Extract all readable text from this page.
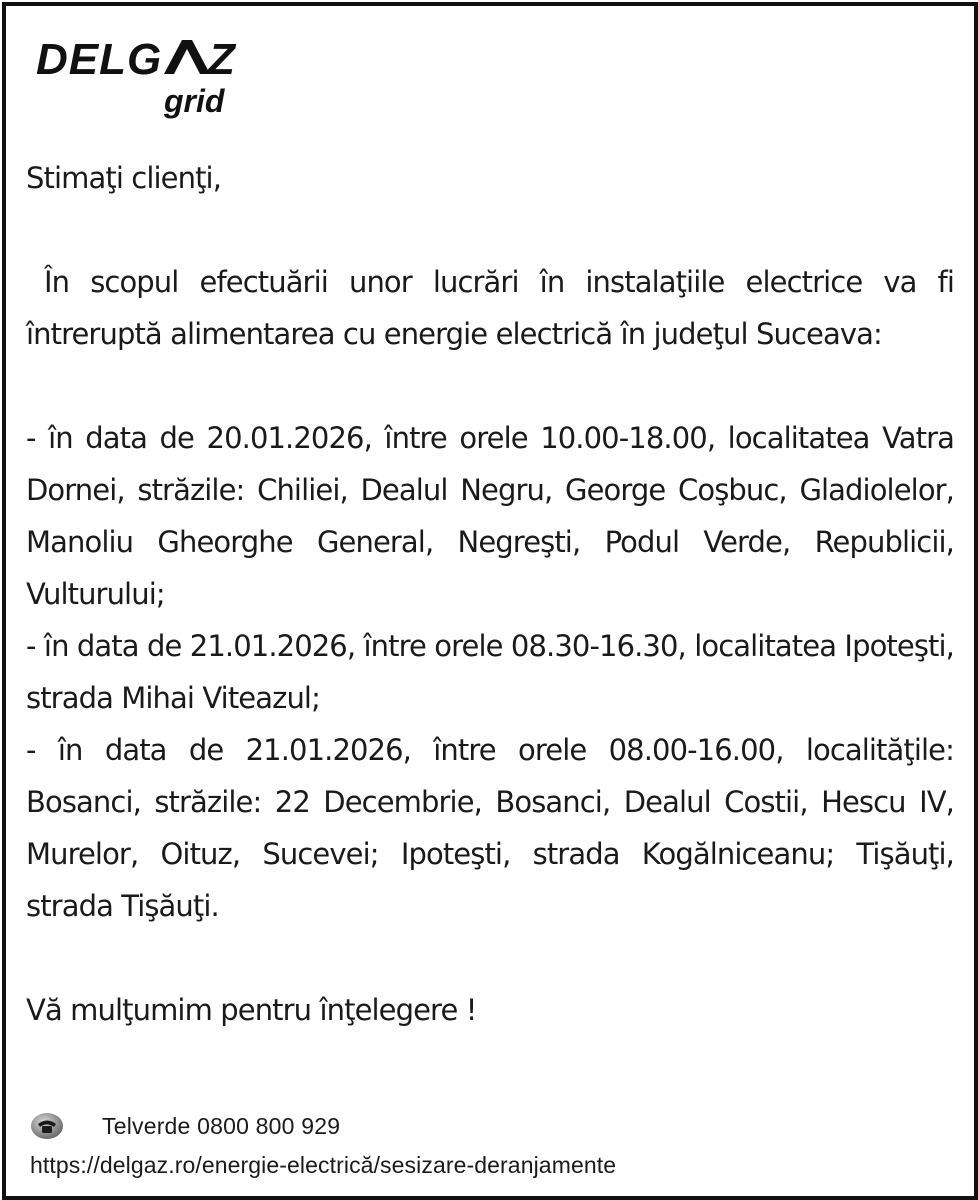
DELG Z
grid

Stimaţi clienţi,

În scopul efectuării unor lucrări în instalaţiile electrice va fi întreruptă alimentarea cu energie electrică în judeţul Suceava:

- în data de 20.01.2026, între orele 10.00-18.00, localitatea Vatra Dornei, străzile: Chiliei, Dealul Negru, George Coşbuc, Gladiolelor, Manoliu Gheorghe General, Negreşti, Podul Verde, Republicii, Vulturului;

- în data de 21.01.2026, între orele 08.30-16.30, localitatea Ipoteşti, strada Mihai Viteazul;

- în data de 21.01.2026, între orele 08.00-16.00, localităţile: Bosanci, străzile: 22 Decembrie, Bosanci, Dealul Costii, Hescu IV, Murelor, Oituz, Sucevei; Ipoteşti, strada Kogălniceanu; Tişăuţi, strada Tişăuţi.

Vă mulţumim pentru înţelegere !

Telverde 0800 800 929
https://delgaz.ro/energie-electrică/sesizare-deranjamente
